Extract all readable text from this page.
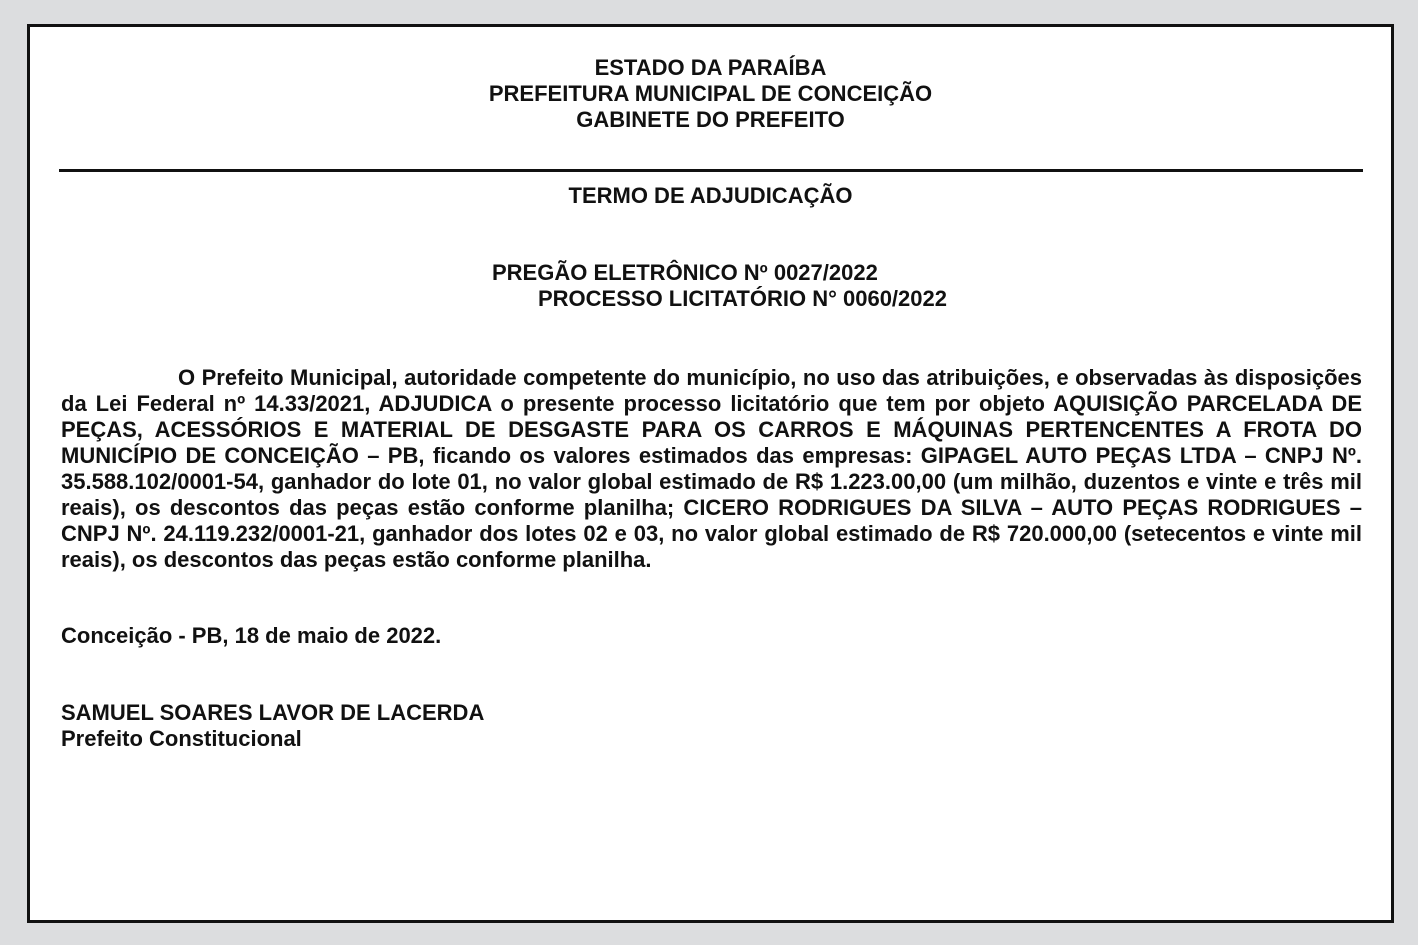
ESTADO DA PARAÍBA
PREFEITURA MUNICIPAL DE CONCEIÇÃO
GABINETE DO PREFEITO
TERMO DE ADJUDICAÇÃO
PREGÃO ELETRÔNICO Nº 0027/2022
PROCESSO LICITATÓRIO N° 0060/2022

O Prefeito Municipal, autoridade competente do município, no uso das atribuições, e observadas às disposições da Lei Federal nº 14.33/2021, ADJUDICA o presente processo licitatório que tem por objeto AQUISIÇÃO PARCELADA DE PEÇAS, ACESSÓRIOS E MATERIAL DE DESGASTE PARA OS CARROS E MÁQUINAS PERTENCENTES A FROTA DO MUNICÍPIO DE CONCEIÇÃO – PB, ficando os valores estimados das empresas: GIPAGEL AUTO PEÇAS LTDA – CNPJ Nº. 35.588.102/0001-54, ganhador do lote 01, no valor global estimado de R$ 1.223.00,00 (um milhão, duzentos e vinte e três mil reais), os descontos das peças estão conforme planilha; CICERO RODRIGUES DA SILVA – AUTO PEÇAS RODRIGUES – CNPJ Nº. 24.119.232/0001-21, ganhador dos lotes 02 e 03, no valor global estimado de R$ 720.000,00 (setecentos e vinte mil reais), os descontos das peças estão conforme planilha.

Conceição - PB, 18 de maio de 2022.
SAMUEL SOARES LAVOR DE LACERDA
Prefeito Constitucional
